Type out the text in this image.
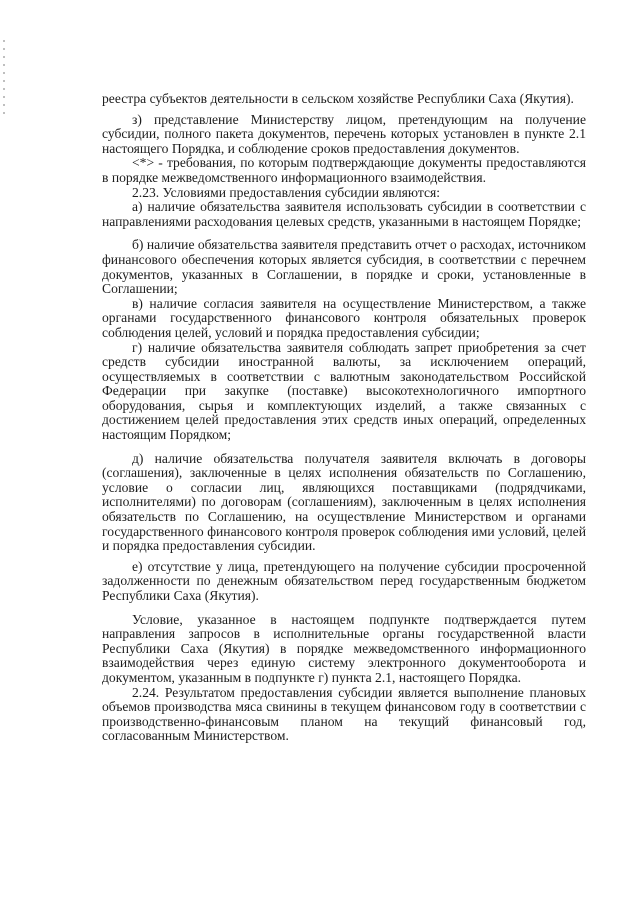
реестра субъектов деятельности в сельском хозяйстве Республики Саха (Якутия).

з) представление Министерству лицом, претендующим на получение субсидии, полного пакета документов, перечень которых установлен в пункте 2.1 настоящего Порядка, и соблюдение сроков предоставления документов.

<*> - требования, по которым подтверждающие документы предоставляются в порядке межведомственного информационного взаимодействия.

2.23. Условиями предоставления субсидии являются:

а) наличие обязательства заявителя использовать субсидии в соответствии с направлениями расходования целевых средств, указанными в настоящем Порядке;

б) наличие обязательства заявителя представить отчет о расходах, источником финансового обеспечения которых является субсидия, в соответствии с перечнем документов, указанных в Соглашении, в порядке и сроки, установленные в Соглашении;

в) наличие согласия заявителя на осуществление Министерством, а также органами государственного финансового контроля обязательных проверок соблюдения целей, условий и порядка предоставления субсидии;

г) наличие обязательства заявителя соблюдать запрет приобретения за счет средств субсидии иностранной валюты, за исключением операций, осуществляемых в соответствии с валютным законодательством Российской Федерации при закупке (поставке) высокотехнологичного импортного оборудования, сырья и комплектующих изделий, а также связанных с достижением целей предоставления этих средств иных операций, определенных настоящим Порядком;

д) наличие обязательства получателя заявителя включать в договоры (соглашения), заключенные в целях исполнения обязательств по Соглашению, условие о согласии лиц, являющихся поставщиками (подрядчиками, исполнителями) по договорам (соглашениям), заключенным в целях исполнения обязательств по Соглашению, на осуществление Министерством и органами государственного финансового контроля проверок соблюдения ими условий, целей и порядка предоставления субсидии.

е) отсутствие у лица, претендующего на получение субсидии просроченной задолженности по денежным обязательством перед государственным бюджетом Республики Саха (Якутия).

Условие, указанное в настоящем подпункте подтверждается путем направления запросов в исполнительные органы государственной власти Республики Саха (Якутия) в порядке межведомственного информационного взаимодействия через единую систему электронного документооборота и документом, указанным в подпункте г) пункта 2.1, настоящего Порядка.

2.24. Результатом предоставления субсидии является выполнение плановых объемов производства мяса свинины в текущем финансовом году в соответствии с производственно-финансовым планом на текущий финансовый год, согласованным Министерством.
